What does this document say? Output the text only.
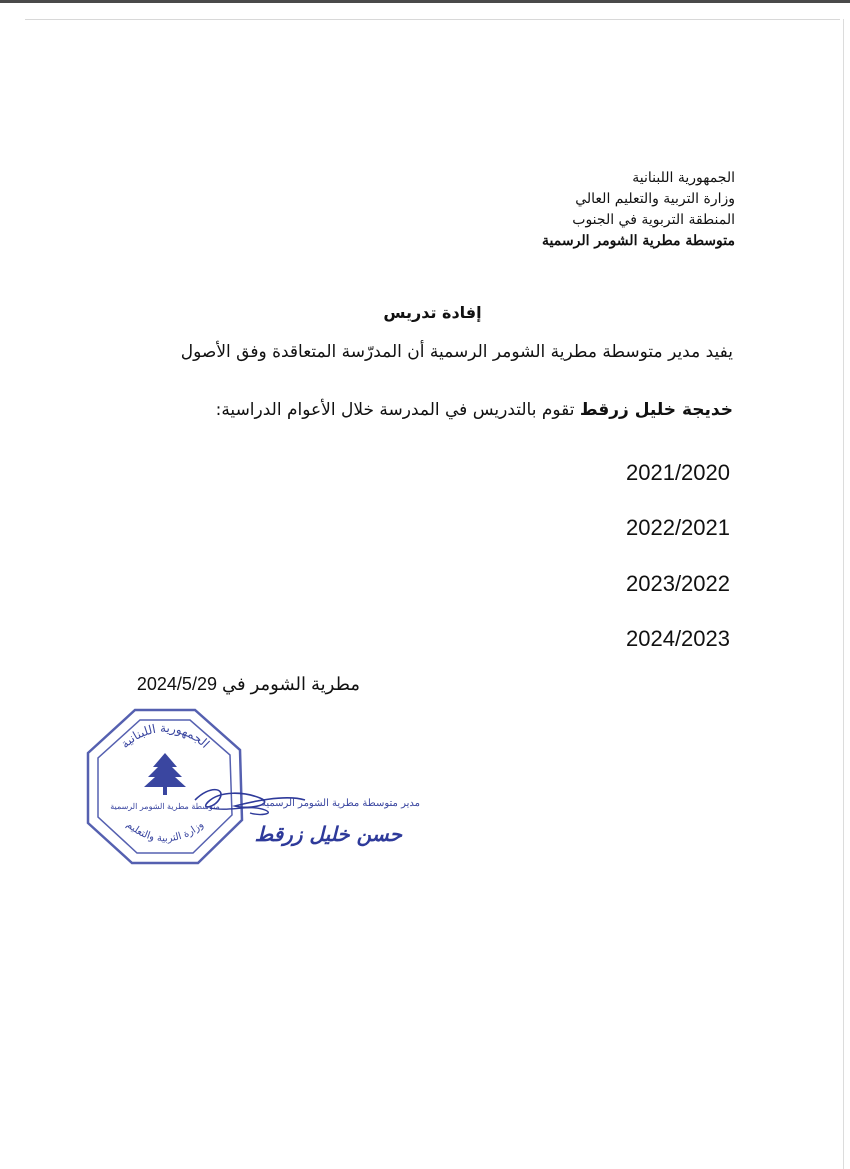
الجمهورية اللبنانية
وزارة التربية والتعليم العالي
المنطقة التربوية في الجنوب
متوسطة مطرية الشومر الرسمية
إفادة تدريس
يفيد مدير متوسطة مطرية الشومر الرسمية أن المدرّسة المتعاقدة وفق الأصول
خديجة خليل زرقط تقوم بالتدريس في المدرسة خلال الأعوام الدراسية:
2021/2020
2022/2021
2023/2022
2024/2023
مطرية الشومر في 2024/5/29
الجمهورية اللبنانية
وزارة التربية والتعليم
متوسطة مطرية الشومر الرسمية	مدير متوسطة مطرية الشومر الرسمية
حسن خليل زرقط
